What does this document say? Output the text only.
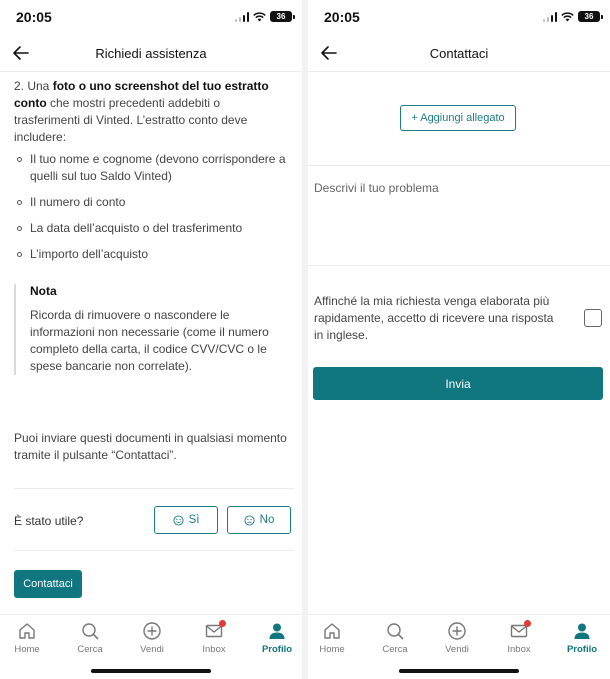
20:05	36
Richiedi assistenza

2. Una foto o uno screenshot del tuo estratto conto che mostri precedenti addebiti o trasferimenti di Vinted. L’estratto conto deve includere:

Il tuo nome e cognome (devono corrispondere a quelli sul tuo Saldo Vinted)
Il numero di conto
La data dell’acquisto o del trasferimento
L’importo dell’acquisto
Nota

Ricorda di rimuovere o nascondere le informazioni non necessarie (come il numero completo della carta, il codice CVV/CVC o le spese bancarie non correlate).

Puoi inviare questi documenti in qualsiasi momento tramite il pulsante “Contattaci”.

È stato utile?	Sì	No
Contattaci
Home	Cerca	Vendi	Inbox	Profilo
20:05	36
Contattaci
+ Aggiungi allegato
Descrivi il tuo problema

Affinché la mia richiesta venga elaborata più rapidamente, accetto di ricevere una risposta in inglese.

Invia
Home	Cerca	Vendi	Inbox	Profilo
